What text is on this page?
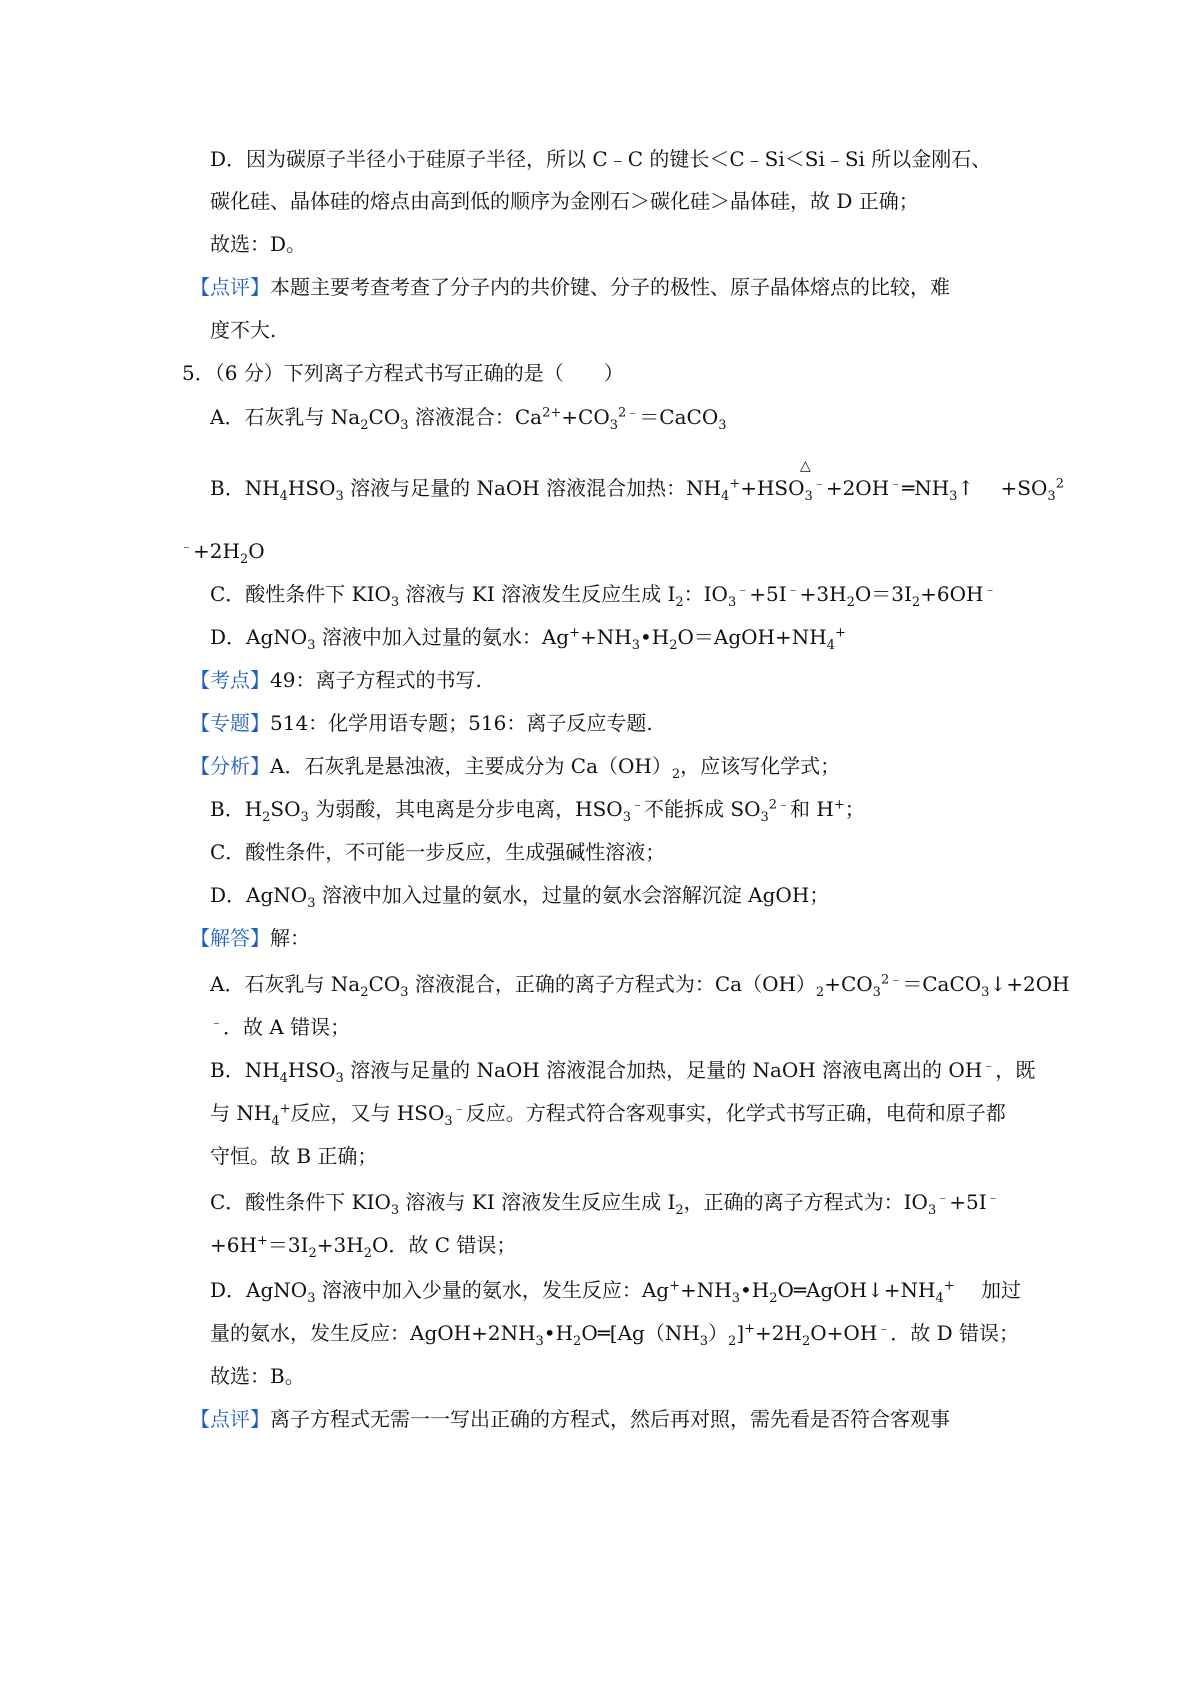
D．因为碳原子半径小于硅原子半径，所以 C﹣C 的键长＜C﹣Si＜Si﹣Si 所以金刚石、
碳化硅、晶体硅的熔点由高到低的顺序为金刚石＞碳化硅＞晶体硅，故 D 正确；
故选：D。
【点评】本题主要考查考查了分子内的共价键、分子的极性、原子晶体熔点的比较，难
度不大.
5．（6 分）下列离子方程式书写正确的是（　　）
A．石灰乳与 $Na_2CO_3$ 溶液混合：$Ca^{2+}+CO_3^{2﹣}=CaCO_3$
△
B．$NH_4HSO_3$ 溶液与足量的 NaOH 溶液混合加热：$NH_4^++HSO_3^﹣+2OH^﹣═NH_3↑$　 $+SO_3^2$
$^﹣+2H_2O$
C．酸性条件下 $KIO_3$ 溶液与 KI 溶液发生反应生成 $I_2$：$IO_3^﹣+5I^﹣+3H_2O=3I_2+6OH^﹣$
D．AgNO$_3$ 溶液中加入过量的氨水：$Ag^++NH_3•H_2O=AgOH+NH_4^+$
【考点】49：离子方程式的书写.
【专题】514：化学用语专题；516：离子反应专题.
【分析】A．石灰乳是悬浊液，主要成分为 $Ca(OH)_2$，应该写化学式；
B．$H_2SO_3$ 为弱酸，其电离是分步电离，$HSO_3^﹣$不能拆成 $SO_3^{2﹣}$和 H+；
C．酸性条件，不可能一步反应，生成强碱性溶液；
D．AgNO$_3$ 溶液中加入过量的氨水，过量的氨水会溶解沉淀 AgOH；
【解答】解：
A．石灰乳与 $Na_2CO_3$ 溶液混合，正确的离子方程式为：$Ca(OH)_2+CO_3^{2﹣}=CaCO_3↓+2OH$
﹣．故 A 错误；
B．$NH_4HSO_3$ 溶液与足量的 NaOH 溶液混合加热，足量的 NaOH 溶液电离出的 OH﹣，既
与 $NH_4^+$反应，又与 $HSO_3^﹣$反应。方程式符合客观事实，化学式书写正确，电荷和原子都
守恒。故 B 正确；
C．酸性条件下 $KIO_3$ 溶液与 KI 溶液发生反应生成 $I_2$，正确的离子方程式为：$IO_3^﹣+5I^﹣$
$+6H^+=3I_2+3H_2O$．故 C 错误；
D．AgNO$_3$ 溶液中加入少量的氨水，发生反应：$Ag^++NH_3•H_2O═AgOH↓+NH_4^+$　 加过
量的氨水，发生反应：$AgOH+2NH_3•H_2O═[Ag(NH_3)_2]^++2H_2O+OH^﹣$．故 D 错误；
故选：B。
【点评】离子方程式无需一一写出正确的方程式，然后再对照，需先看是否符合客观事
